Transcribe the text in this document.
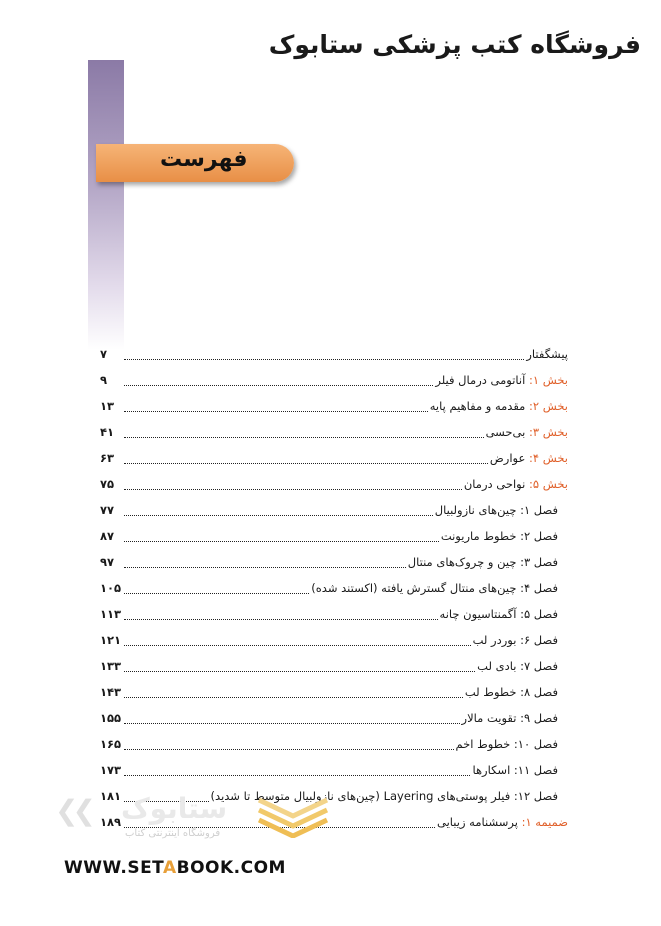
فروشگاه کتب پزشکی ستابوک
فهرست
پیشگفتار
۷
بخش ۱: آناتومی درمال فیلر
۹
بخش ۲: مقدمه و مفاهیم پایه
۱۳
بخش ۳: بی‌حسی
۴۱
بخش ۴: عوارض
۶۳
بخش ۵: نواحی درمان
۷۵
فصل ۱: چین‌های نازولبیال
۷۷
فصل ۲: خطوط ماریونت
۸۷
فصل ۳: چین و چروک‌های منتال
۹۷
فصل ۴: چین‌های منتال گسترش یافته (اکستند شده)
۱۰۵
فصل ۵: آگمنتاسیون چانه
۱۱۳
فصل ۶: بوردر لب
۱۲۱
فصل ۷: بادی لب
۱۳۳
فصل ۸: خطوط لب
۱۴۳
فصل ۹: تقویت مالار
۱۵۵
فصل ۱۰: خطوط اخم
۱۶۵
فصل ۱۱: اسکارها
۱۷۳
فصل ۱۲: فیلر پوستی‌های Layering (چین‌های نازولبیال متوسط تا شدید)
۱۸۱
ضمیمه ۱: پرسشنامه زیبایی
۱۸۹
❮❮ ستابوک
فروشگاه اینترنتی کتاب
WWW.SETABOOK.COM
